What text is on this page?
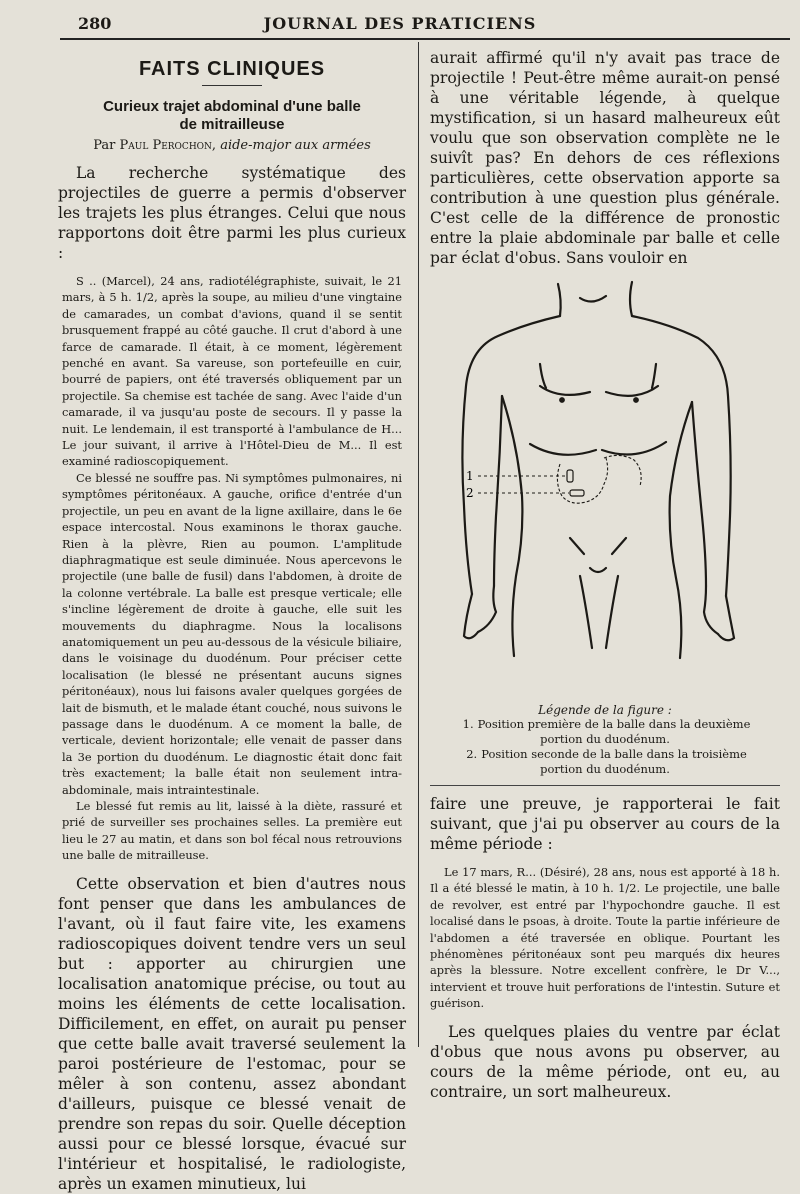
280	JOURNAL DES PRATICIENS
FAITS CLINIQUES
Curieux trajet abdominal d'une balle
de mitrailleuse
Par Paul Perochon, aide-major aux armées

La recherche systématique des projectiles de guerre a permis d'observer les trajets les plus étranges. Celui que nous rapportons doit être parmi les plus curieux :

S .. (Marcel), 24 ans, radiotélégraphiste, suivait, le 21 mars, à 5 h. 1/2, après la soupe, au milieu d'une vingtaine de camarades, un combat d'avions, quand il se sentit brusquement frappé au côté gauche. Il crut d'abord à une farce de camarade. Il était, à ce moment, légèrement penché en avant. Sa vareuse, son portefeuille en cuir, bourré de papiers, ont été traversés obliquement par un projectile. Sa chemise est tachée de sang. Avec l'aide d'un camarade, il va jusqu'au poste de secours. Il y passe la nuit. Le lendemain, il est transporté à l'ambulance de H... Le jour suivant, il arrive à l'Hôtel-Dieu de M... Il est examiné radioscopiquement.

Ce blessé ne souffre pas. Ni symptômes pulmonaires, ni symptômes péritonéaux. A gauche, orifice d'entrée d'un projectile, un peu en avant de la ligne axillaire, dans le 6e espace intercostal. Nous examinons le thorax gauche. Rien à la plèvre, Rien au poumon. L'amplitude diaphragmatique est seule diminuée. Nous apercevons le projectile (une balle de fusil) dans l'abdomen, à droite de la colonne vertébrale. La balle est presque verticale; elle s'incline légèrement de droite à gauche, elle suit les mouvements du diaphragme. Nous la localisons anatomiquement un peu au-dessous de la vésicule biliaire, dans le voisinage du duodénum. Pour préciser cette localisation (le blessé ne présentant aucuns signes péritonéaux), nous lui faisons avaler quelques gorgées de lait de bismuth, et le malade étant couché, nous suivons le passage dans le duodénum. A ce moment la balle, de verticale, devient horizontale; elle venait de passer dans la 3e portion du duodénum. Le diagnostic était donc fait très exactement; la balle était non seulement intra-abdominale, mais intraintestinale.

Le blessé fut remis au lit, laissé à la diète, rassuré et prié de surveiller ses prochaines selles. La première eut lieu le 27 au matin, et dans son bol fécal nous retrouvions une balle de mitrailleuse.

Cette observation et bien d'autres nous font penser que dans les ambulances de l'avant, où il faut faire vite, les examens radioscopiques doivent tendre vers un seul but : apporter au chirurgien une localisation anatomique précise, ou tout au moins les éléments de cette localisation. Difficilement, en effet, on aurait pu penser que cette balle avait traversé seulement la paroi postérieure de l'estomac, pour se mêler à son contenu, assez abondant d'ailleurs, puisque ce blessé venait de prendre son repas du soir. Quelle déception aussi pour ce blessé lorsque, évacué sur l'intérieur et hospitalisé, le radiologiste, après un examen minutieux, lui

aurait affirmé qu'il n'y avait pas trace de projectile ! Peut-être même aurait-on pensé à une véritable légende, à quelque mystification, si un hasard malheureux eût voulu que son observation complète ne le suivît pas? En dehors de ces réflexions particulières, cette observation apporte sa contribution à une question plus générale. C'est celle de la différence de pronostic entre la plaie abdominale par balle et celle par éclat d'obus. Sans vouloir en

1
2
Légende de la figure :
1. Position première de la balle dans la deuxième portion du duodénum.
2. Position seconde de la balle dans la troisième portion du duodénum.

faire une preuve, je rapporterai le fait suivant, que j'ai pu observer au cours de la même période :

Le 17 mars, R... (Désiré), 28 ans, nous est apporté à 18 h. Il a été blessé le matin, à 10 h. 1/2. Le projectile, une balle de revolver, est entré par l'hypochondre gauche. Il est localisé dans le psoas, à droite. Toute la partie inférieure de l'abdomen a été traversée en oblique. Pourtant les phénomènes péritonéaux sont peu marqués dix heures après la blessure. Notre excellent confrère, le Dr V..., intervient et trouve huit perforations de l'intestin. Suture et guérison.

Les quelques plaies du ventre par éclat d'obus que nous avons pu observer, au cours de la même période, ont eu, au contraire, un sort malheureux.
